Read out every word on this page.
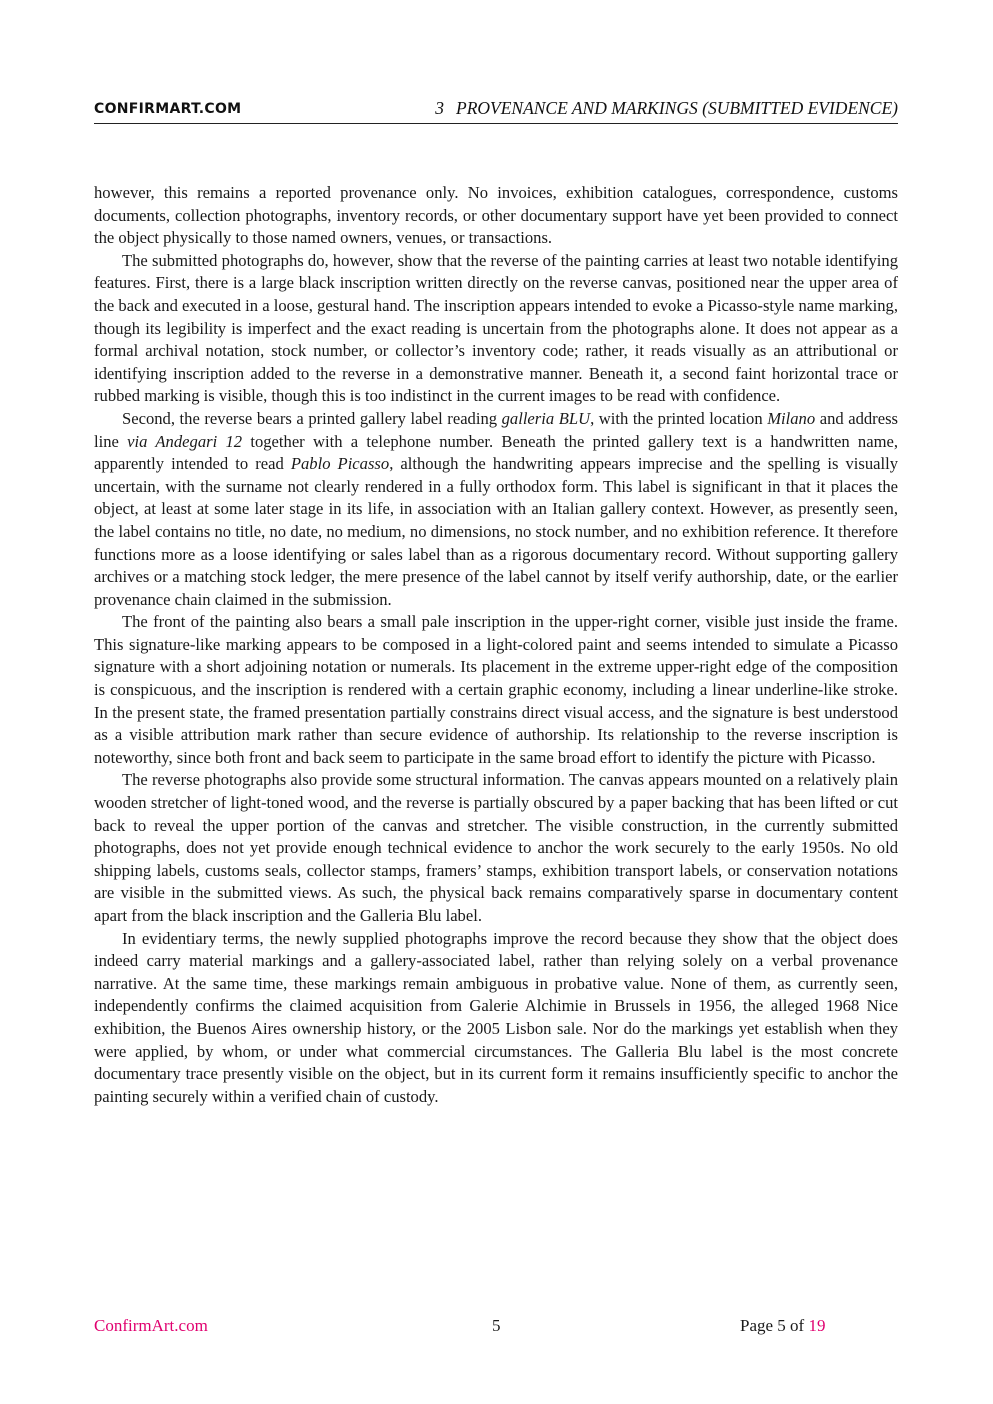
CONFIRMART.COM	3 PROVENANCE AND MARKINGS (SUBMITTED EVIDENCE)

however, this remains a reported provenance only. No invoices, exhibition catalogues, correspondence, customs documents, collection photographs, inventory records, or other documentary support have yet been provided to connect the object physically to those named owners, venues, or transactions.

The submitted photographs do, however, show that the reverse of the painting carries at least two notable identifying features. First, there is a large black inscription written directly on the reverse canvas, positioned near the upper area of the back and executed in a loose, gestural hand. The inscription appears intended to evoke a Picasso-style name marking, though its legibility is imperfect and the exact reading is uncertain from the photographs alone. It does not appear as a formal archival notation, stock number, or collector’s inventory code; rather, it reads visually as an attributional or identifying inscription added to the reverse in a demonstrative manner. Beneath it, a second faint horizontal trace or rubbed marking is visible, though this is too indistinct in the current images to be read with confidence.

Second, the reverse bears a printed gallery label reading galleria BLU, with the printed location Milano and address line via Andegari 12 together with a telephone number. Beneath the printed gallery text is a handwritten name, apparently intended to read Pablo Picasso, although the handwriting appears imprecise and the spelling is visually uncertain, with the surname not clearly rendered in a fully orthodox form. This label is significant in that it places the object, at least at some later stage in its life, in association with an Italian gallery context. However, as presently seen, the label contains no title, no date, no medium, no dimensions, no stock number, and no exhibition reference. It therefore functions more as a loose identifying or sales label than as a rigorous documentary record. Without supporting gallery archives or a matching stock ledger, the mere presence of the label cannot by itself verify authorship, date, or the earlier provenance chain claimed in the submission.

The front of the painting also bears a small pale inscription in the upper-right corner, visible just inside the frame. This signature-like marking appears to be composed in a light-colored paint and seems intended to simulate a Picasso signature with a short adjoining notation or numerals. Its placement in the extreme upper-right edge of the composition is conspicuous, and the inscription is rendered with a certain graphic economy, including a linear underline-like stroke. In the present state, the framed presentation partially constrains direct visual access, and the signature is best understood as a visible attribution mark rather than secure evidence of authorship. Its relationship to the reverse inscription is noteworthy, since both front and back seem to participate in the same broad effort to identify the picture with Picasso.

The reverse photographs also provide some structural information. The canvas appears mounted on a relatively plain wooden stretcher of light-toned wood, and the reverse is partially obscured by a paper backing that has been lifted or cut back to reveal the upper portion of the canvas and stretcher. The visible construction, in the currently submitted photographs, does not yet provide enough technical evidence to anchor the work securely to the early 1950s. No old shipping labels, customs seals, collector stamps, framers’ stamps, exhibition transport labels, or conservation notations are visible in the submitted views. As such, the physical back remains comparatively sparse in documentary content apart from the black inscription and the Galleria Blu label.

In evidentiary terms, the newly supplied photographs improve the record because they show that the object does indeed carry material markings and a gallery-associated label, rather than relying solely on a verbal provenance narrative. At the same time, these markings remain ambiguous in probative value. None of them, as currently seen, independently confirms the claimed acquisition from Galerie Alchimie in Brussels in 1956, the alleged 1968 Nice exhibition, the Buenos Aires ownership history, or the 2005 Lisbon sale. Nor do the markings yet establish when they were applied, by whom, or under what commercial circumstances. The Galleria Blu label is the most concrete documentary trace presently visible on the object, but in its current form it remains insufficiently specific to anchor the painting securely within a verified chain of custody.

ConfirmArt.com	5	Page 5 of 19
